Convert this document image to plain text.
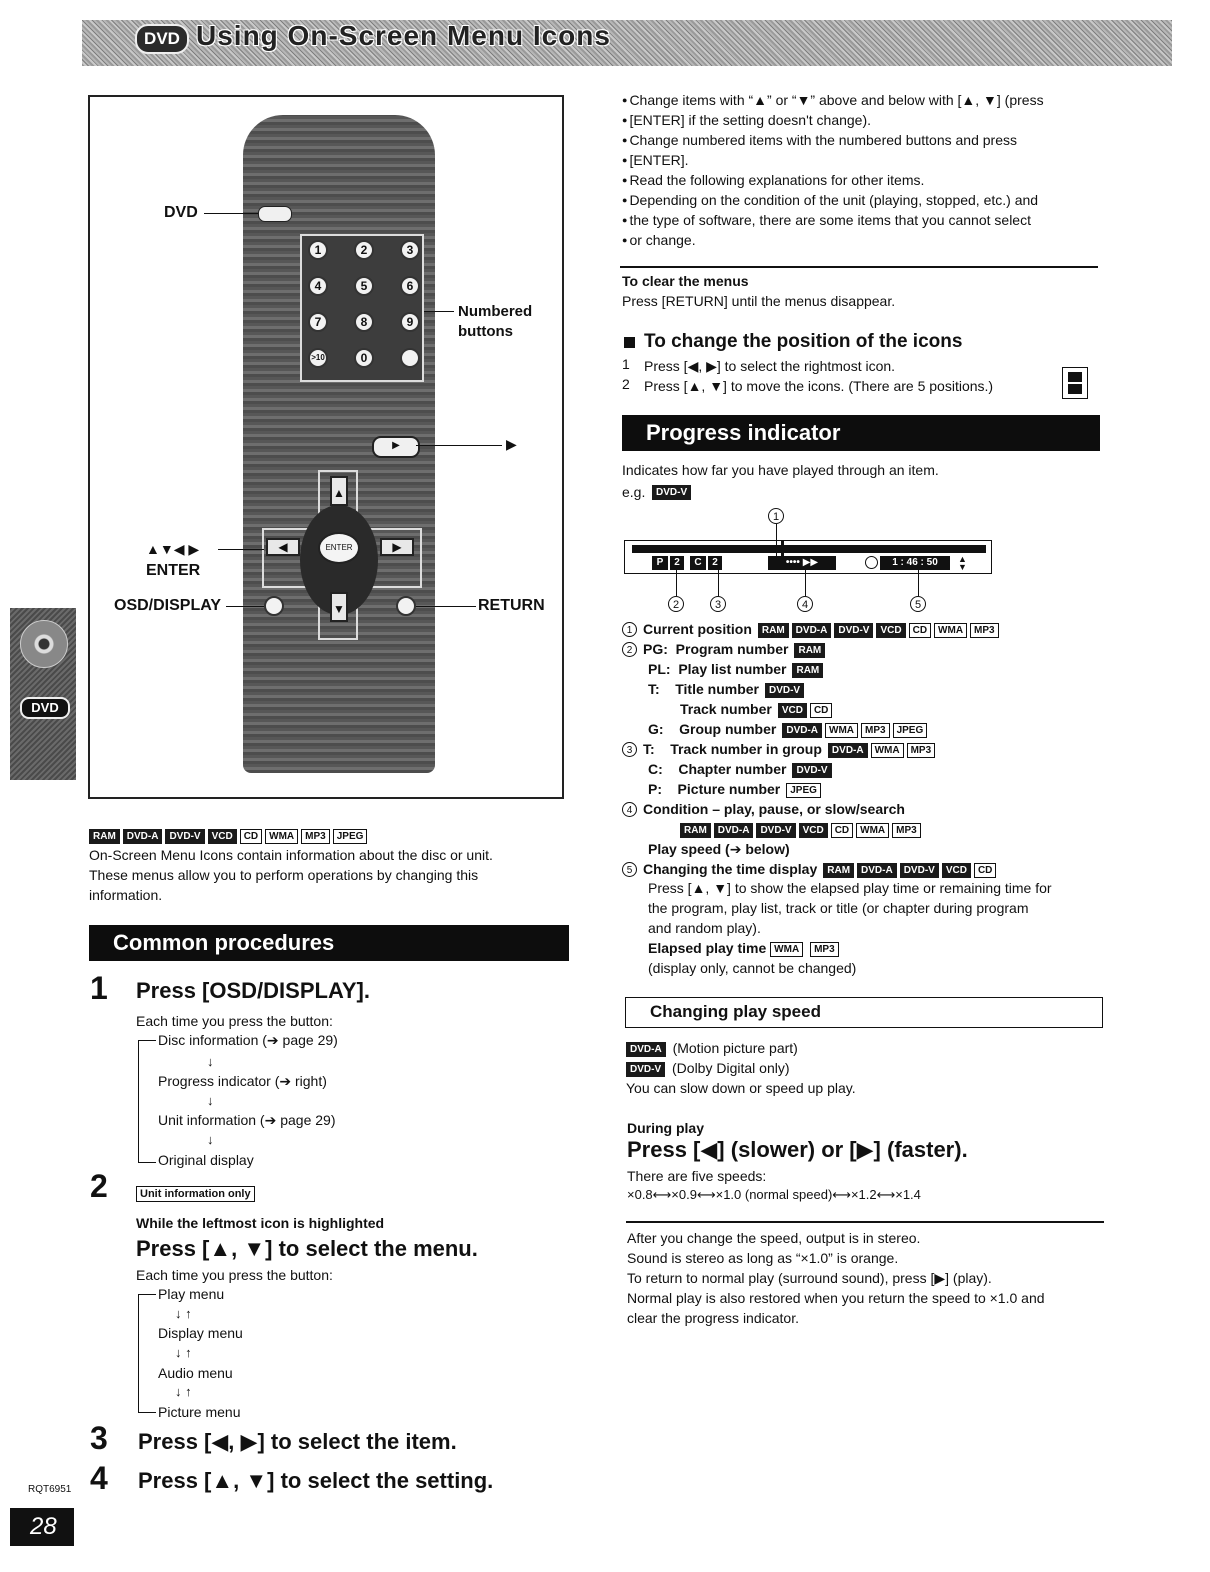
DVD Using On-Screen Menu Icons
DVD
1	2	3
4	5	6
7	8	9
>10	0
▶
▲
▼
◀	▶
ENTER
DVD
Numbered buttons
▶
▲▼◀ ▶
ENTER
OSD/DISPLAY	RETURN
RAM DVD-A DVD-V VCD CD WMA MP3 JPEG

On-Screen Menu Icons contain information about the disc or unit.

These menus allow you to perform operations by changing this

information.

Common procedures
1 Press [OSD/DISPLAY].

Each time you press the button:

Disc information (➔ page 29)
↓
Progress indicator (➔ right)
↓
Unit information (➔ page 29)
↓
Original display
2	Unit information only
While the leftmost icon is highlighted
Press [▲, ▼] to select the menu.

Each time you press the button:

Play menu
↓ ↑
Display menu
↓ ↑
Audio menu
↓ ↑
Picture menu
3 Press [◀, ▶] to select the item.
4 Press [▲, ▼] to select the setting.
● Change items with “▲” or “▼” above and below with [▲, ▼] (press
● [ENTER] if the setting doesn't change).
● Change numbered items with the numbered buttons and press
● [ENTER].
● Read the following explanations for other items.
● Depending on the condition of the unit (playing, stopped, etc.) and
● the type of software, there are some items that you cannot select
● or change.
To clear the menus

Press [RETURN] until the menus disappear.

To change the position of the icons
1 Press [◀, ▶] to select the rightmost icon.

2 Press [▲, ▼] to move the icons. (There are 5 positions.)

Progress indicator

Indicates how far you have played through an item.

e.g.	DVD-V
P	2	C	2	•••• ▶▶	1 : 46 : 50	▲
▼
1
2	3	4	5
1 Current position RAM DVD-A DVD-V VCD CD WMA MP3
2 PG:  Program number RAM
PL:  Play list number RAM
T:    Title number DVD-V
Track number VCD CD
G:    Group number DVD-A WMA MP3 JPEG
3 T:    Track number in group DVD-A WMA MP3
C:    Chapter number DVD-V
P:    Picture number JPEG
4 Condition – play, pause, or slow/search
RAM DVD-A DVD-V VCD CD WMA MP3
Play speed (➔ below)
5 Changing the time display RAM DVD-A DVD-V VCD CD

Press [▲, ▼] to show the elapsed play time or remaining time for

the program, play list, track or title (or chapter during program

and random play).

Elapsed play time WMA MP3

(display only, cannot be changed)

Changing play speed
DVD-A (Motion picture part)
DVD-V (Dolby Digital only)

You can slow down or speed up play.

During play
Press [◀] (slower) or [▶] (faster).

There are five speeds:

×0.8⟷×0.9⟷×1.0 (normal speed)⟷×1.2⟷×1.4

After you change the speed, output is in stereo.

Sound is stereo as long as “×1.0” is orange.

To return to normal play (surround sound), press [▶] (play).

Normal play is also restored when you return the speed to ×1.0 and

clear the progress indicator.

RQT6951
28
